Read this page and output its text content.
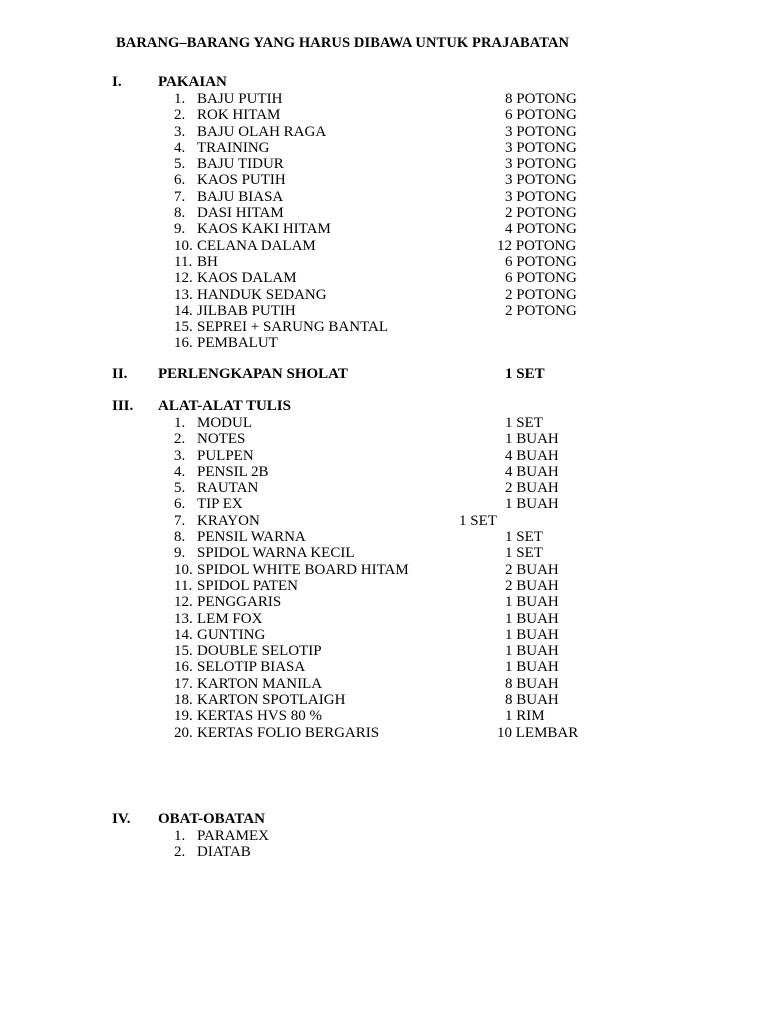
BARANG–BARANG YANG HARUS DIBAWA UNTUK PRAJABATAN
I. PAKAIAN
1. BAJU PUTIH	8 POTONG
2. ROK HITAM	6 POTONG
3. BAJU OLAH RAGA	3 POTONG
4. TRAINING	3 POTONG
5. BAJU TIDUR	3 POTONG
6. KAOS PUTIH	3 POTONG
7. BAJU BIASA	3 POTONG
8. DASI HITAM	2 POTONG
9. KAOS KAKI HITAM	4 POTONG
10. CELANA DALAM	12 POTONG
11. BH	6 POTONG
12. KAOS DALAM	6 POTONG
13. HANDUK SEDANG	2 POTONG
14. JILBAB PUTIH	2 POTONG
15. SEPREI + SARUNG BANTAL
16. PEMBALUT
II. PERLENGKAPAN SHOLAT	1 SET
III. ALAT-ALAT TULIS
1. MODUL	1 SET
2. NOTES	1 BUAH
3. PULPEN	4 BUAH
4. PENSIL 2B	4 BUAH
5. RAUTAN	2 BUAH
6. TIP EX	1 BUAH
7. KRAYON	1 SET
8. PENSIL WARNA	1 SET
9. SPIDOL WARNA KECIL	1 SET
10. SPIDOL WHITE BOARD HITAM	2 BUAH
11. SPIDOL PATEN	2 BUAH
12. PENGGARIS	1 BUAH
13. LEM FOX	1 BUAH
14. GUNTING	1 BUAH
15. DOUBLE SELOTIP	1 BUAH
16. SELOTIP BIASA	1 BUAH
17. KARTON MANILA	8 BUAH
18. KARTON SPOTLAIGH	8 BUAH
19. KERTAS HVS 80 %	1 RIM
20. KERTAS FOLIO BERGARIS	10 LEMBAR
IV. OBAT-OBATAN
1. PARAMEX
2. DIATAB
